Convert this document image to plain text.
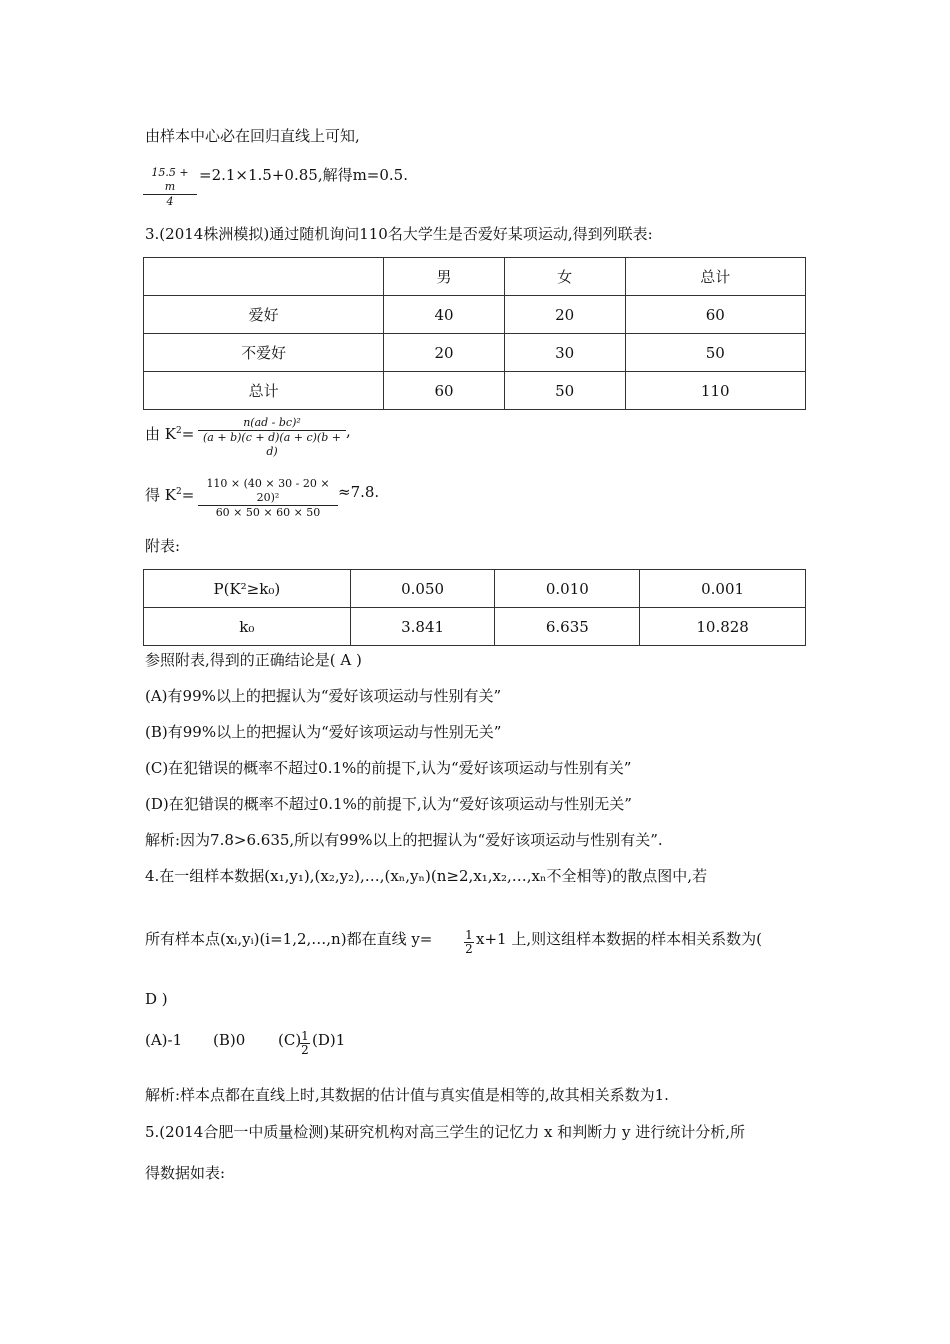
由样本中心必在回归直线上可知,
15.5 + m
4
=2.1×1.5+0.85,解得m=0.5.
3.(2014株洲模拟)通过随机询问110名大学生是否爱好某项运动,得到列联表:
	男	女	总计
爱好	40	20	60
不爱好	20	30	50
总计	60	50	110
由 $K^2=$
n(ad - bc)²
(a + b)(c + d)(a + c)(b + d)
,
得 $K^2=$
110 × (40 × 30 - 20 × 20)²
60 × 50 × 60 × 50
≈7.8.
附表:
P(K²≥k₀)	0.050	0.010	0.001
k₀	3.841	6.635	10.828
参照附表,得到的正确结论是( A )
(A)有99%以上的把握认为“爱好该项运动与性别有关”
(B)有99%以上的把握认为“爱好该项运动与性别无关”
(C)在犯错误的概率不超过0.1%的前提下,认为“爱好该项运动与性别有关”
(D)在犯错误的概率不超过0.1%的前提下,认为“爱好该项运动与性别无关”
解析:因为7.8>6.635,所以有99%以上的把握认为“爱好该项运动与性别有关”.
4.在一组样本数据(x₁,y₁),(x₂,y₂),…,(xₙ,yₙ)(n≥2,x₁,x₂,…,xₙ不全相等)的散点图中,若
所有样本点(xᵢ,yᵢ)(i=1,2,…,n)都在直线 y=	1
2
x+1 上,则这组样本数据的样本相关系数为(
D )
(A)-1 (B)0 (C) 1
2
(D)1
解析:样本点都在直线上时,其数据的估计值与真实值是相等的,故其相关系数为1.
5.(2014合肥一中质量检测)某研究机构对高三学生的记忆力 x 和判断力 y 进行统计分析,所
得数据如表:
